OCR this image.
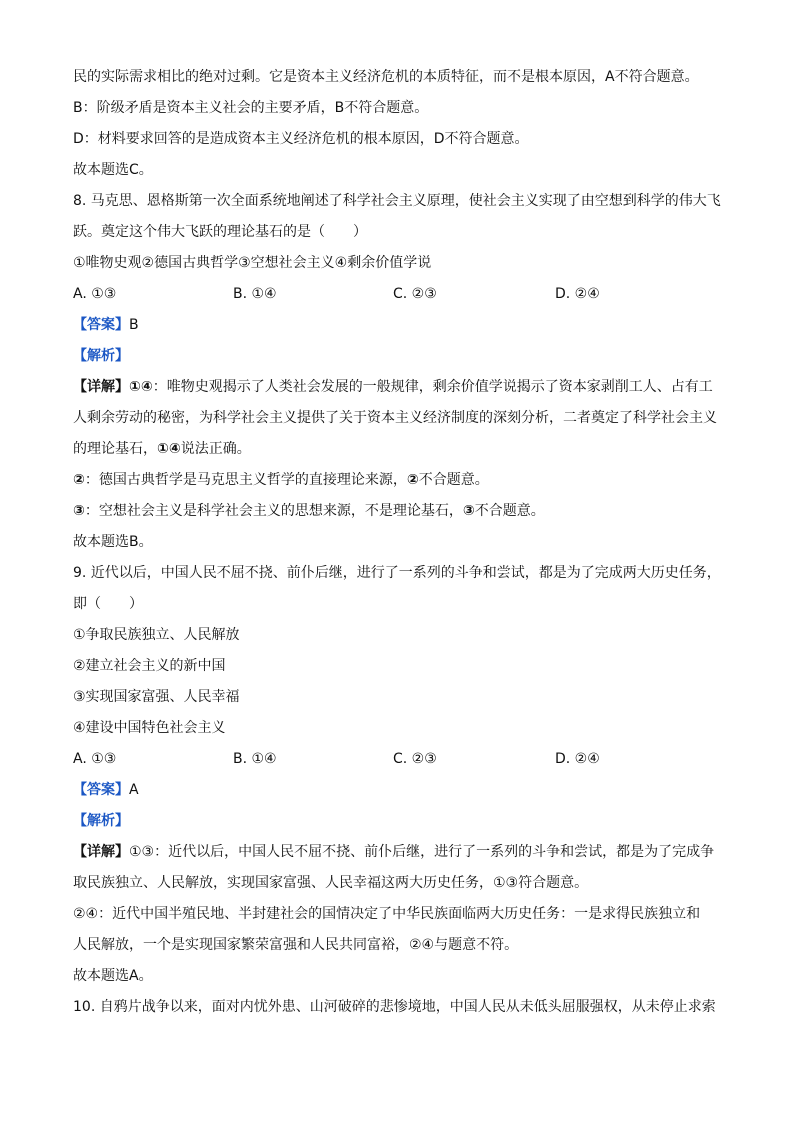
民的实际需求相比的绝对过剩。它是资本主义经济危机的本质特征，而不是根本原因，A不符合题意。
B：阶级矛盾是资本主义社会的主要矛盾，B不符合题意。
D：材料要求回答的是造成资本主义经济危机的根本原因，D不符合题意。
故本题选C。
8. 马克思、恩格斯第一次全面系统地阐述了科学社会主义原理，使社会主义实现了由空想到科学的伟大飞
跃。奠定这个伟大飞跃的理论基石的是（　　）
①唯物史观②德国古典哲学③空想社会主义④剩余价值学说
A. ①③	B. ①④	C. ②③	D. ②④
【答案】B
【解析】
【详解】①④：唯物史观揭示了人类社会发展的一般规律，剩余价值学说揭示了资本家剥削工人、占有工
人剩余劳动的秘密，为科学社会主义提供了关于资本主义经济制度的深刻分析，二者奠定了科学社会主义
的理论基石，①④说法正确。
②：德国古典哲学是马克思主义哲学的直接理论来源，②不合题意。
③：空想社会主义是科学社会主义的思想来源，不是理论基石，③不合题意。
故本题选B。
9. 近代以后，中国人民不屈不挠、前仆后继，进行了一系列的斗争和尝试，都是为了完成两大历史任务，
即（　　）
①争取民族独立、人民解放
②建立社会主义的新中国
③实现国家富强、人民幸福
④建设中国特色社会主义
A. ①③	B. ①④	C. ②③	D. ②④
【答案】A
【解析】
【详解】①③：近代以后，中国人民不屈不挠、前仆后继，进行了一系列的斗争和尝试，都是为了完成争
取民族独立、人民解放，实现国家富强、人民幸福这两大历史任务，①③符合题意。
②④：近代中国半殖民地、半封建社会的国情决定了中华民族面临两大历史任务：一是求得民族独立和
人民解放，一个是实现国家繁荣富强和人民共同富裕，②④与题意不符。
故本题选A。
10. 自鸦片战争以来，面对内忧外患、山河破碎的悲惨境地，中国人民从未低头屈服强权，从未停止求索
